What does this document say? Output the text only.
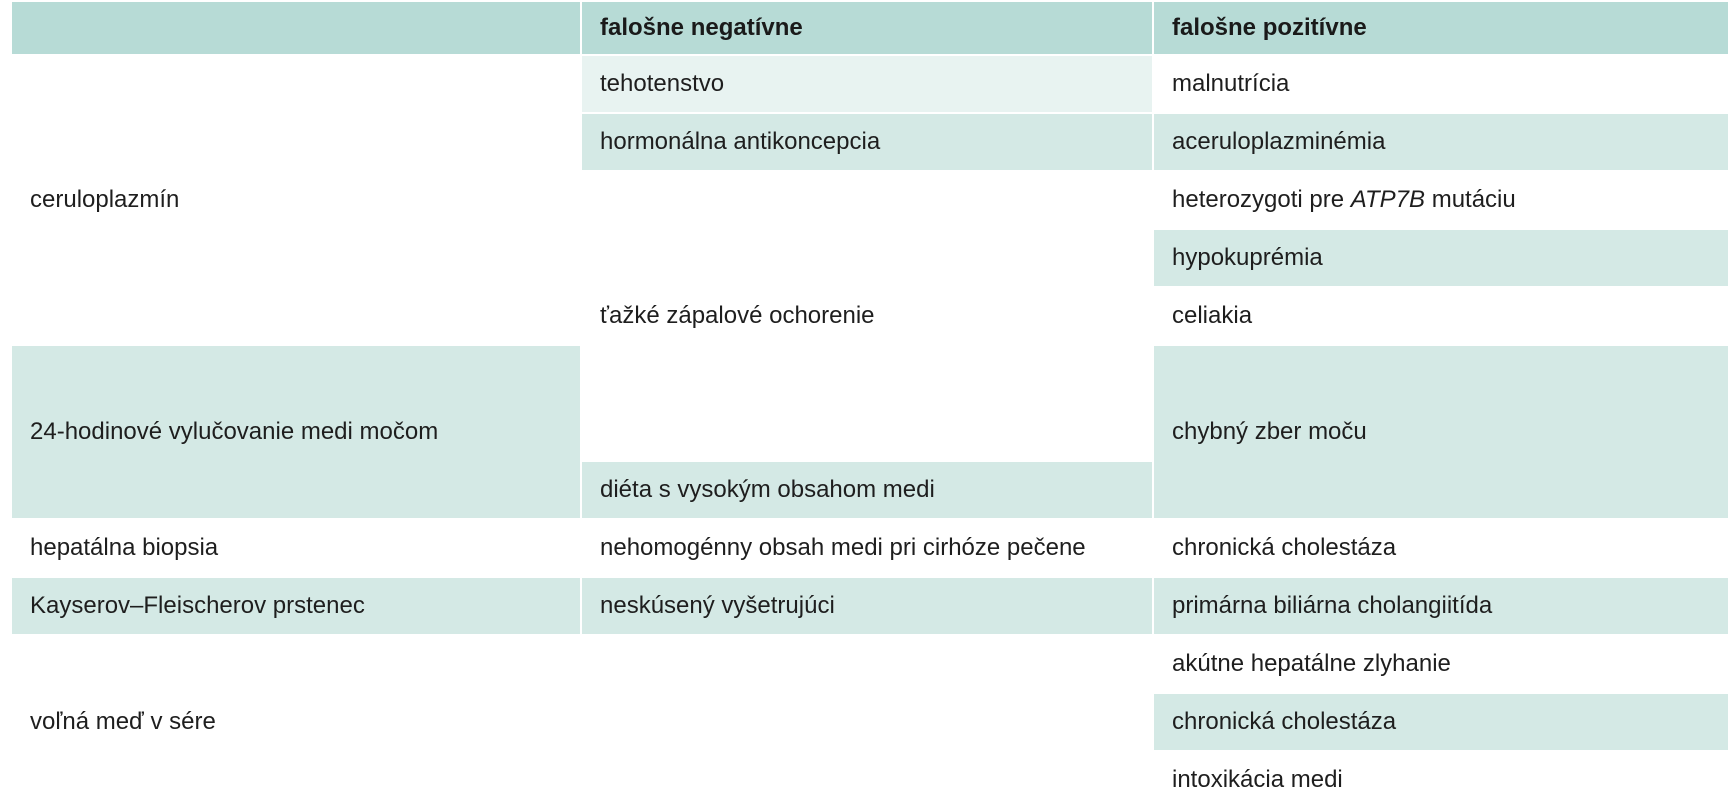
	falošne negatívne	falošne pozitívne	
ceruloplazmín	tehotenstvo	malnutrícia	
	hormonálna antikoncepcia	aceruloplazminémia	
	ťažké zápalové ochorenie	heterozygoti pre ATP7B mutáciu	
		hypokuprémia	
		celiakia	
24-hodinové vylučovanie medi močom		chybný zber moču	

	diéta s vysokým obsahom medi		
hepatálna biopsia	nehomogénny obsah medi pri cirhóze pečene	chronická cholestáza	
Kayserov–Fleischerov prstenec	neskúsený vyšetrujúci	primárna biliárna cholangiitída	
voľná meď v sére		akútne hepatálne zlyhanie	
		chronická cholestáza	
		intoxikácia medi	
